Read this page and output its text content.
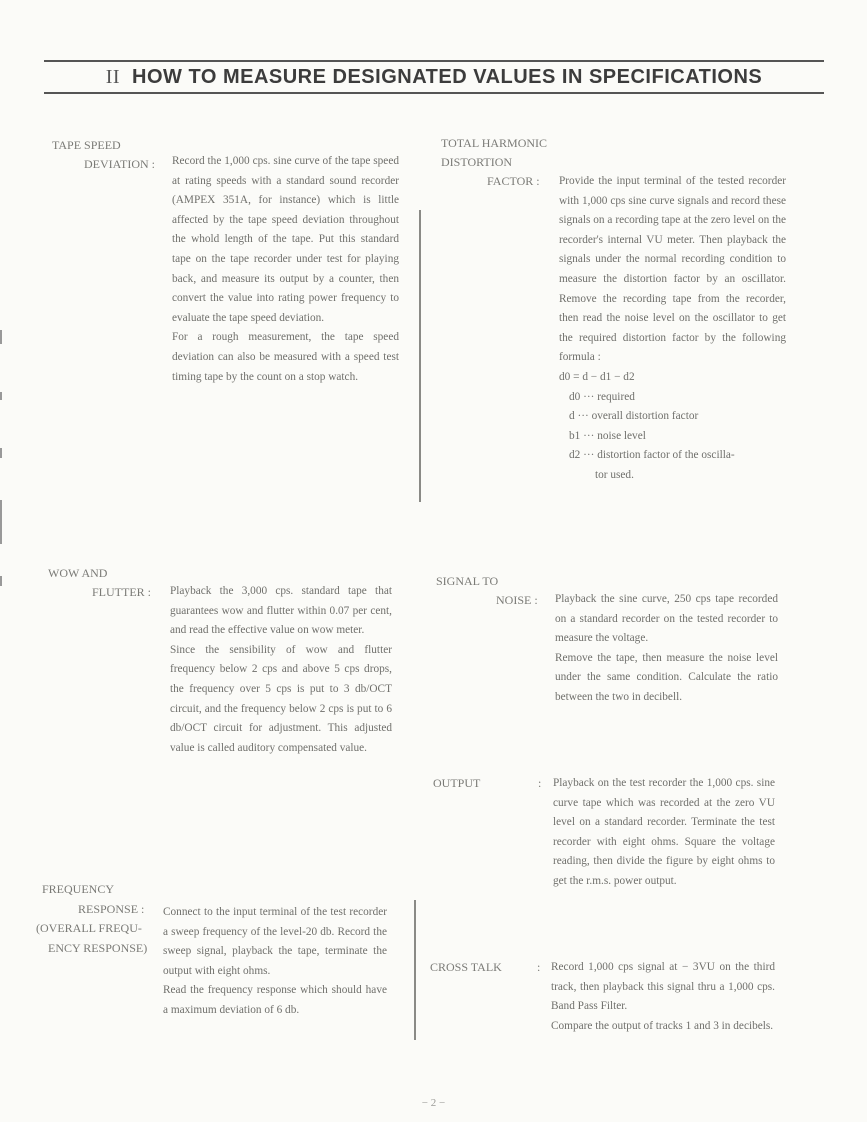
II HOW TO MEASURE DESIGNATED VALUES IN SPECIFICATIONS
TAPE SPEED
DEVIATION : Record the 1,000 cps. sine curve of the tape speed at rating speeds with a standard sound recorder (AMPEX 351A, for instance) which is little affected by the tape speed deviation throughout the whold length of the tape. Put this standard tape on the tape recorder under test for playing back, and measure its output by a counter, then convert the value into rating power frequency to evaluate the tape speed deviation.

For a rough measurement, the tape speed deviation can also be measured with a speed test timing tape by the count on a stop watch.

WOW AND
FLUTTER : Playback the 3,000 cps. standard tape that guarantees wow and flutter within 0.07 per cent, and read the effective value on wow meter.

Since the sensibility of wow and flutter frequency below 2 cps and above 5 cps drops, the frequency over 5 cps is put to 3 db/OCT circuit, and the frequency below 2 cps is put to 6 db/OCT circuit for adjustment. This adjusted value is called auditory compensated value.

FREQUENCY
RESPONSE :
(OVERALL FREQU-
ENCY RESPONSE)

Connect to the input terminal of the test recorder a sweep frequency of the level-20 db. Record the sweep signal, playback the tape, terminate the output with eight ohms.

Read the frequency response which should have a maximum deviation of 6 db.

TOTAL HARMONIC
DISTORTION
FACTOR :	Provide the input terminal of the tested recorder with 1,000 cps sine curve signals and record these signals on a recording tape at the zero level on the recorder's internal VU meter. Then playback the signals under the normal recording condition to measure the distortion factor by an oscillator. Remove the recording tape from the recorder, then read the noise level on the oscillator to get the required distortion factor by the following formula :

d0 = d − d1 − d2

d0 ··· required

d ··· overall distortion factor

b1 ··· noise level

d2 ··· distortion factor of the oscilla-

tor used.

SIGNAL TO
NOISE : Playback the sine curve, 250 cps tape recorded on a standard recorder on the tested recorder to measure the voltage.

Remove the tape, then measure the noise level under the same condition. Calculate the ratio between the two in decibell.

OUTPUT	: Playback on the test recorder the 1,000 cps. sine curve tape which was recorded at the zero VU level on a standard recorder. Terminate the test recorder with eight ohms. Square the voltage reading, then divide the figure by eight ohms to get the r.m.s. power output.

CROSS TALK	: Record 1,000 cps signal at − 3VU on the third track, then playback this signal thru a 1,000 cps. Band Pass Filter.

Compare the output of tracks 1 and 3 in decibels.

− 2 −
